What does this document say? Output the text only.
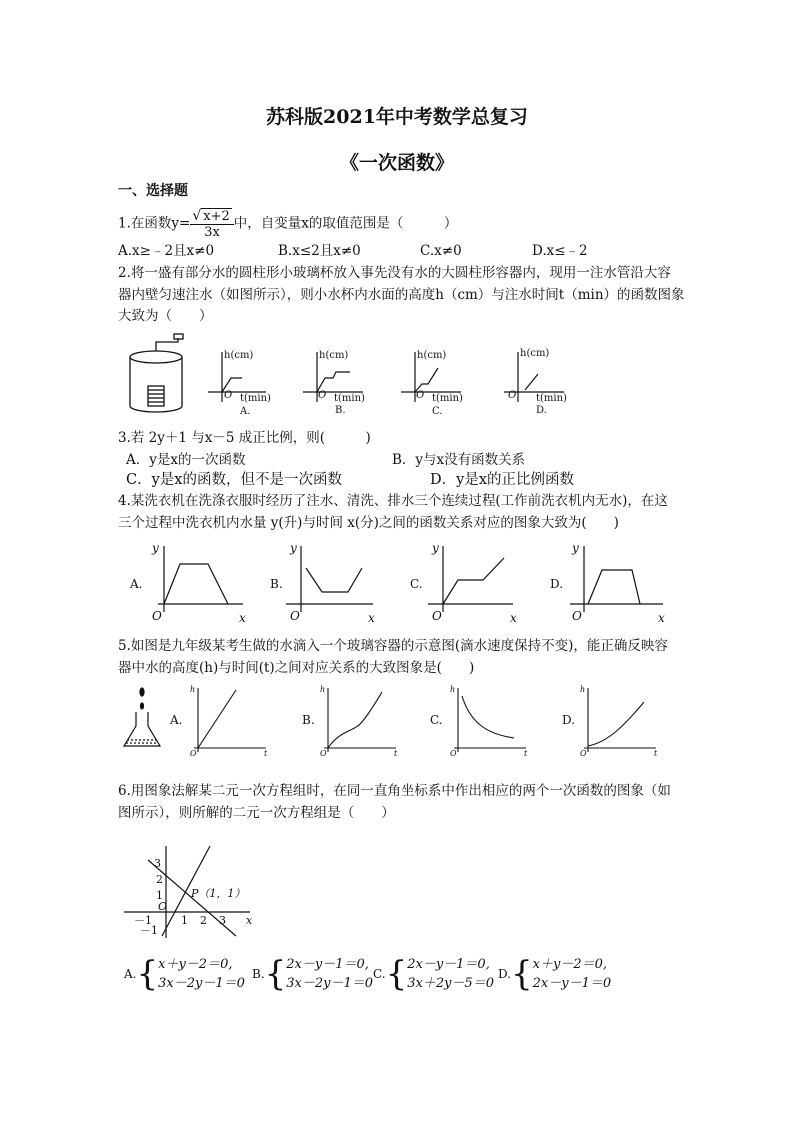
苏科版2021年中考数学总复习
《一次函数》
一、选择题
1.在函数$y= \frac{√ x+2}{3x}$ 中，自变量x的取值范围是（　　　）
A.x≥﹣2且x≠0	B.x≤2且x≠0	C.x≠0	D.x≤﹣2
2.将一盛有部分水的圆柱形小玻璃杯放入事先没有水的大圆柱形容器内，现用一注水管沿大容
器内壁匀速注水（如图所示），则小水杯内水面的高度h（cm）与注水时间t（min）的函数图象
大致为（　　）
h(cm)	h(cm)	h(cm)	h(cm)
t(min)	t(min)	t(min)	t(min)
O	O	O	O
A.	B.	C.	D.
3.若 2y＋1 与x－5 成正比例，则(　　　)
A．y是x的一次函数	B．y与x没有函数关系
C．y是x的函数，但不是一次函数	D．y是x的正比例函数
4.某洗衣机在洗涤衣服时经历了注水、清洗、排水三个连续过程(工作前洗衣机内无水)，在这
三个过程中洗衣机内水量 y(升)与时间 x(分)之间的函数关系对应的图象大致为(　　)
y	y	y	y
x	x	x	x
O	O	O	O
A.	B.	C.	D.
5.如图是九年级某考生做的水滴入一个玻璃容器的示意图(滴水速度保持不变)，能正确反映容
器中水的高度(h)与时间(t)之间对应关系的大致图象是(　　)
h	h	h	h
t	t	t	t
O	O	O	O
A.	B.	C.	D.
6.用图象法解某二元一次方程组时，在同一直角坐标系中作出相应的两个一次函数的图象（如
图所示），则所解的二元一次方程组是（　　）
3
2
1
－1
－1	1 2 3
O
x
P（1，1）
A.{ x＋y－2＝0,
3x－2y－1＝0
B.{ 2x－y－1＝0,
3x－2y－1＝0
C.{ 2x－y－1＝0,
3x＋2y－5＝0
D.{ x＋y－2＝0,
2x－y－1＝0
